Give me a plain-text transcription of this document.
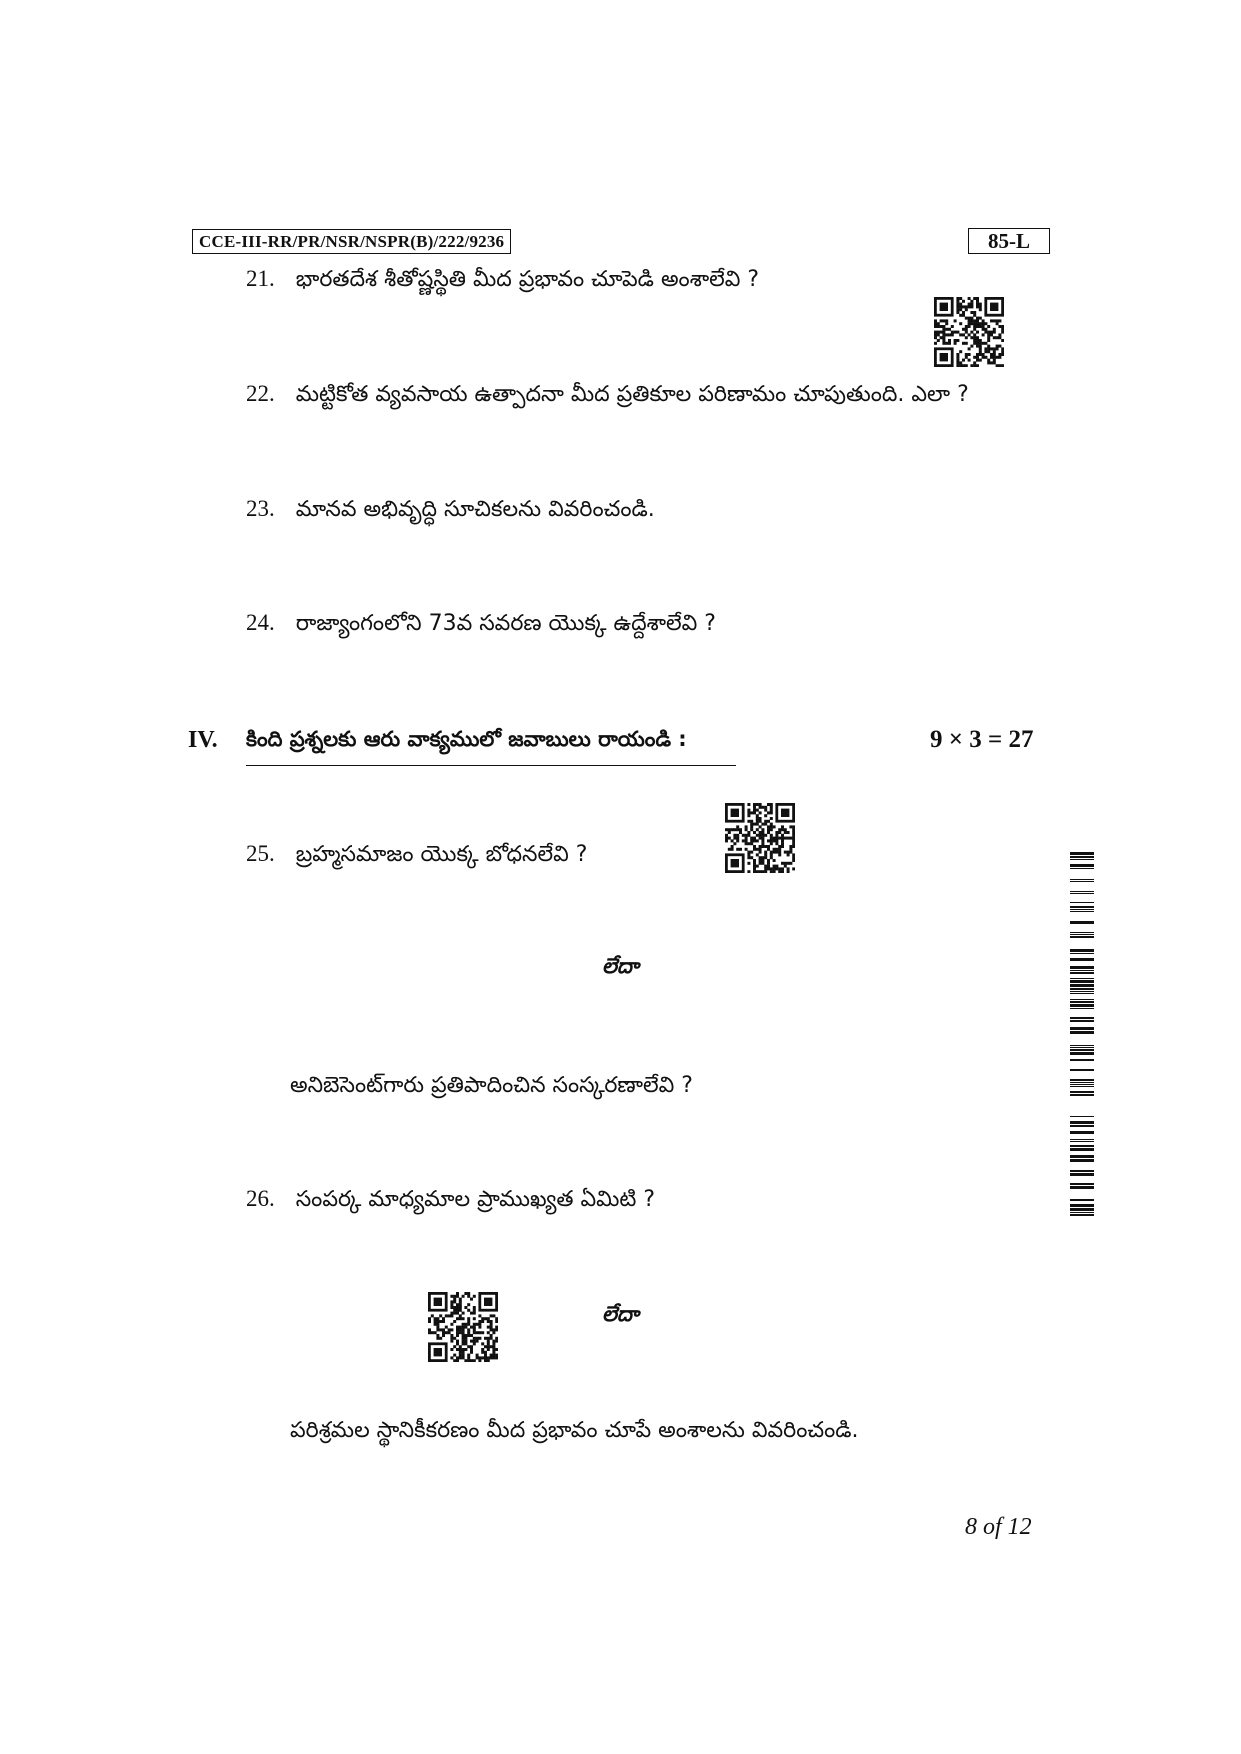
CCE-III-RR/PR/NSR/NSPR(B)/222/9236	85-L
21. భారతదేశ శీతోష్ణస్థితి మీద ప్రభావం చూపెడి అంశాలేవి ?
22. మట్టికోత వ్యవసాయ ఉత్పాదనా మీద ప్రతికూల పరిణామం చూపుతుంది. ఎలా ?
23. మానవ అభివృద్ధి సూచికలను వివరించండి.
24. రాజ్యాంగంలోని 73వ సవరణ యొక్క ఉద్దేశాలేవి ?
IV. కింది ప్రశ్నలకు ఆరు వాక్యములో జవాబులు రాయండి :	9 × 3 = 27
25. బ్రహ్మసమాజం యొక్క బోధనలేవి ?
లేదా
అనిబెసెంట్‌గారు ప్రతిపాదించిన సంస్కరణాలేవి ?
26. సంపర్క మాధ్యమాల ప్రాముఖ్యత ఏమిటి ?
లేదా
పరిశ్రమల స్థానికీకరణం మీద ప్రభావం చూపే అంశాలను వివరించండి.
8 of 12
